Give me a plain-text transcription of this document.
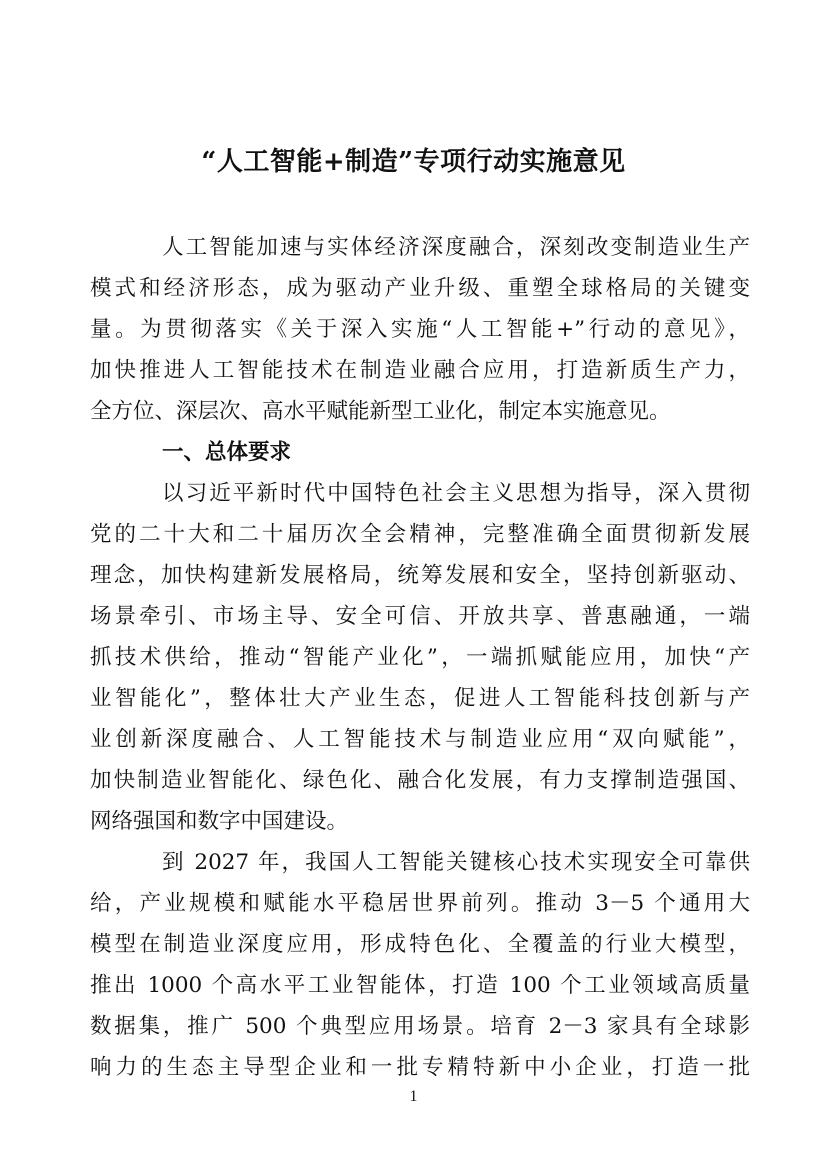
“人工智能+制造”专项行动实施意见
人工智能加速与实体经济深度融合，深刻改变制造业生产
模式和经济形态，成为驱动产业升级、重塑全球格局的关键变
量。为贯彻落实《关于深入实施“人工智能+”行动的意见》，
加快推进人工智能技术在制造业融合应用，打造新质生产力，
全方位、深层次、高水平赋能新型工业化，制定本实施意见。
一、总体要求
以习近平新时代中国特色社会主义思想为指导，深入贯彻
党的二十大和二十届历次全会精神，完整准确全面贯彻新发展
理念，加快构建新发展格局，统筹发展和安全，坚持创新驱动、
场景牵引、市场主导、安全可信、开放共享、普惠融通，一端
抓技术供给，推动“智能产业化”，一端抓赋能应用，加快“产
业智能化”，整体壮大产业生态，促进人工智能科技创新与产
业创新深度融合、人工智能技术与制造业应用“双向赋能”，
加快制造业智能化、绿色化、融合化发展，有力支撑制造强国、
网络强国和数字中国建设。
到 2027 年，我国人工智能关键核心技术实现安全可靠供
给，产业规模和赋能水平稳居世界前列。推动 3－5 个通用大
模型在制造业深度应用，形成特色化、全覆盖的行业大模型，
推出 1000 个高水平工业智能体，打造 100 个工业领域高质量
数据集，推广 500 个典型应用场景。培育 2－3 家具有全球影
响力的生态主导型企业和一批专精特新中小企业，打造一批
1
